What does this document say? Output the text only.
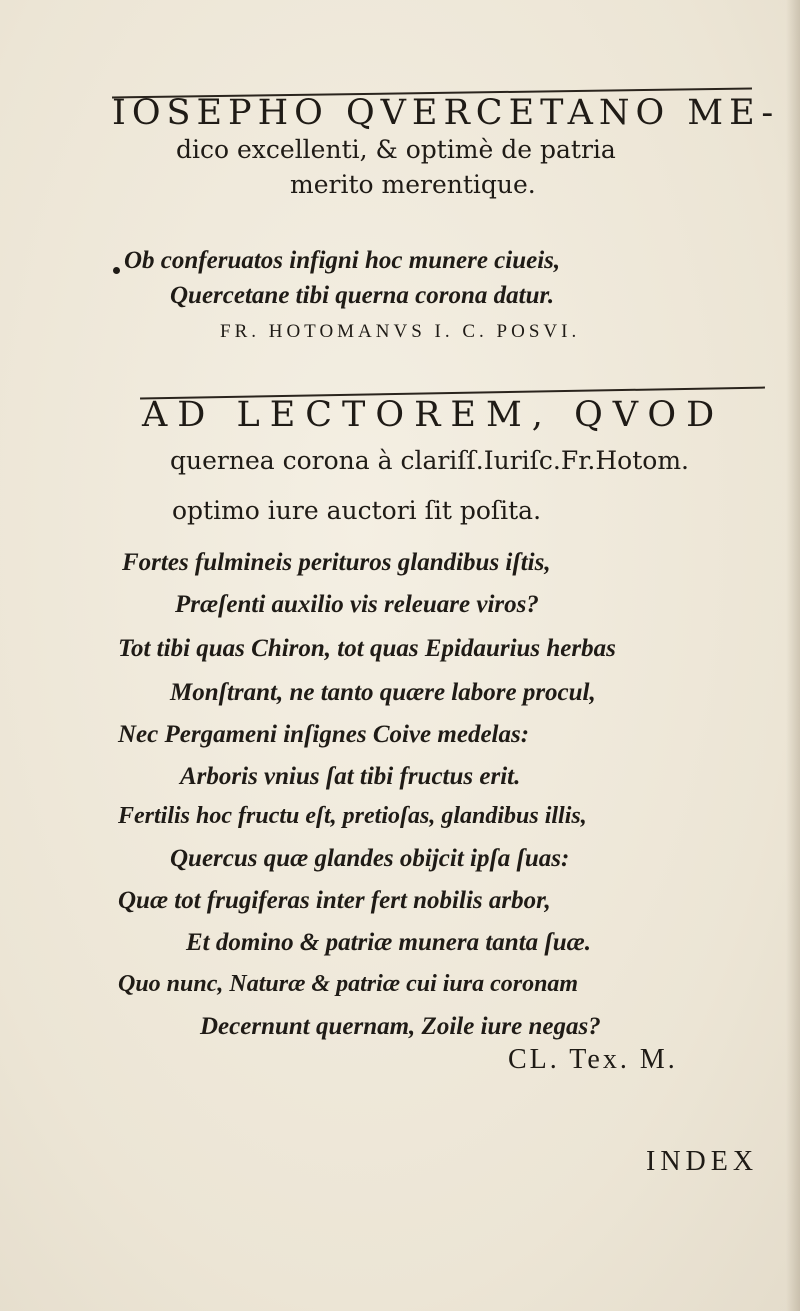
IOSEPHO QVERCETANO ME-
dico excellenti, & optimè de patria
merito merentique.
Ob conferuatos infigni hoc munere ciueis,
Quercetane tibi querna corona datur.
FR. HOTOMANVS I. C. POSVI.
AD LECTOREM, QVOD
quernea corona à clariſſ.Iuriſc.Fr.Hotom.
optimo iure auctori ſit poſita.
Fortes fulmineis perituros glandibus iſtis,
Præſenti auxilio vis releuare viros?
Tot tibi quas Chiron, tot quas Epidaurius herbas
Monſtrant, ne tanto quære labore procul,
Nec Pergameni inſignes Coive medelas:
Arboris vnius ſat tibi fructus erit.
Fertilis hoc fructu eſt, pretioſas, glandibus illis,
Quercus quæ glandes obijcit ipſa ſuas:
Quæ tot frugiferas inter fert nobilis arbor,
Et domino & patriæ munera tanta ſuæ.
Quo nunc, Naturæ & patriæ cui iura coronam
Decernunt quernam, Zoile iure negas?
CL. Tex. M.
INDEX
